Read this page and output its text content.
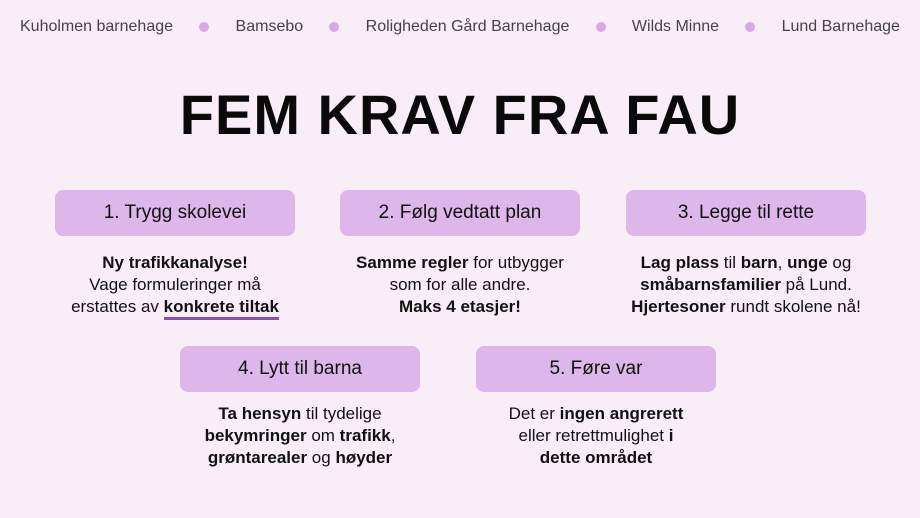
Kuholmen barnehage	Bamsebo	Roligheden Gård Barnehage	Wilds Minne	Lund Barnehage
FEM KRAV FRA FAU
1. Trygg skolevei
Ny trafikkanalyse!
Vage formuleringer må
erstattes av konkrete tiltak
2. Følg vedtatt plan
Samme regler for utbygger
som for alle andre.
Maks 4 etasjer!
3. Legge til rette
Lag plass til barn, unge og
småbarnsfamilier på Lund.
Hjertesoner rundt skolene nå!
4. Lytt til barna
Ta hensyn til tydelige
bekymringer om trafikk,
grøntarealer og høyder
5. Føre var
Det er ingen angrerett
eller retrettmulighet i
dette området
